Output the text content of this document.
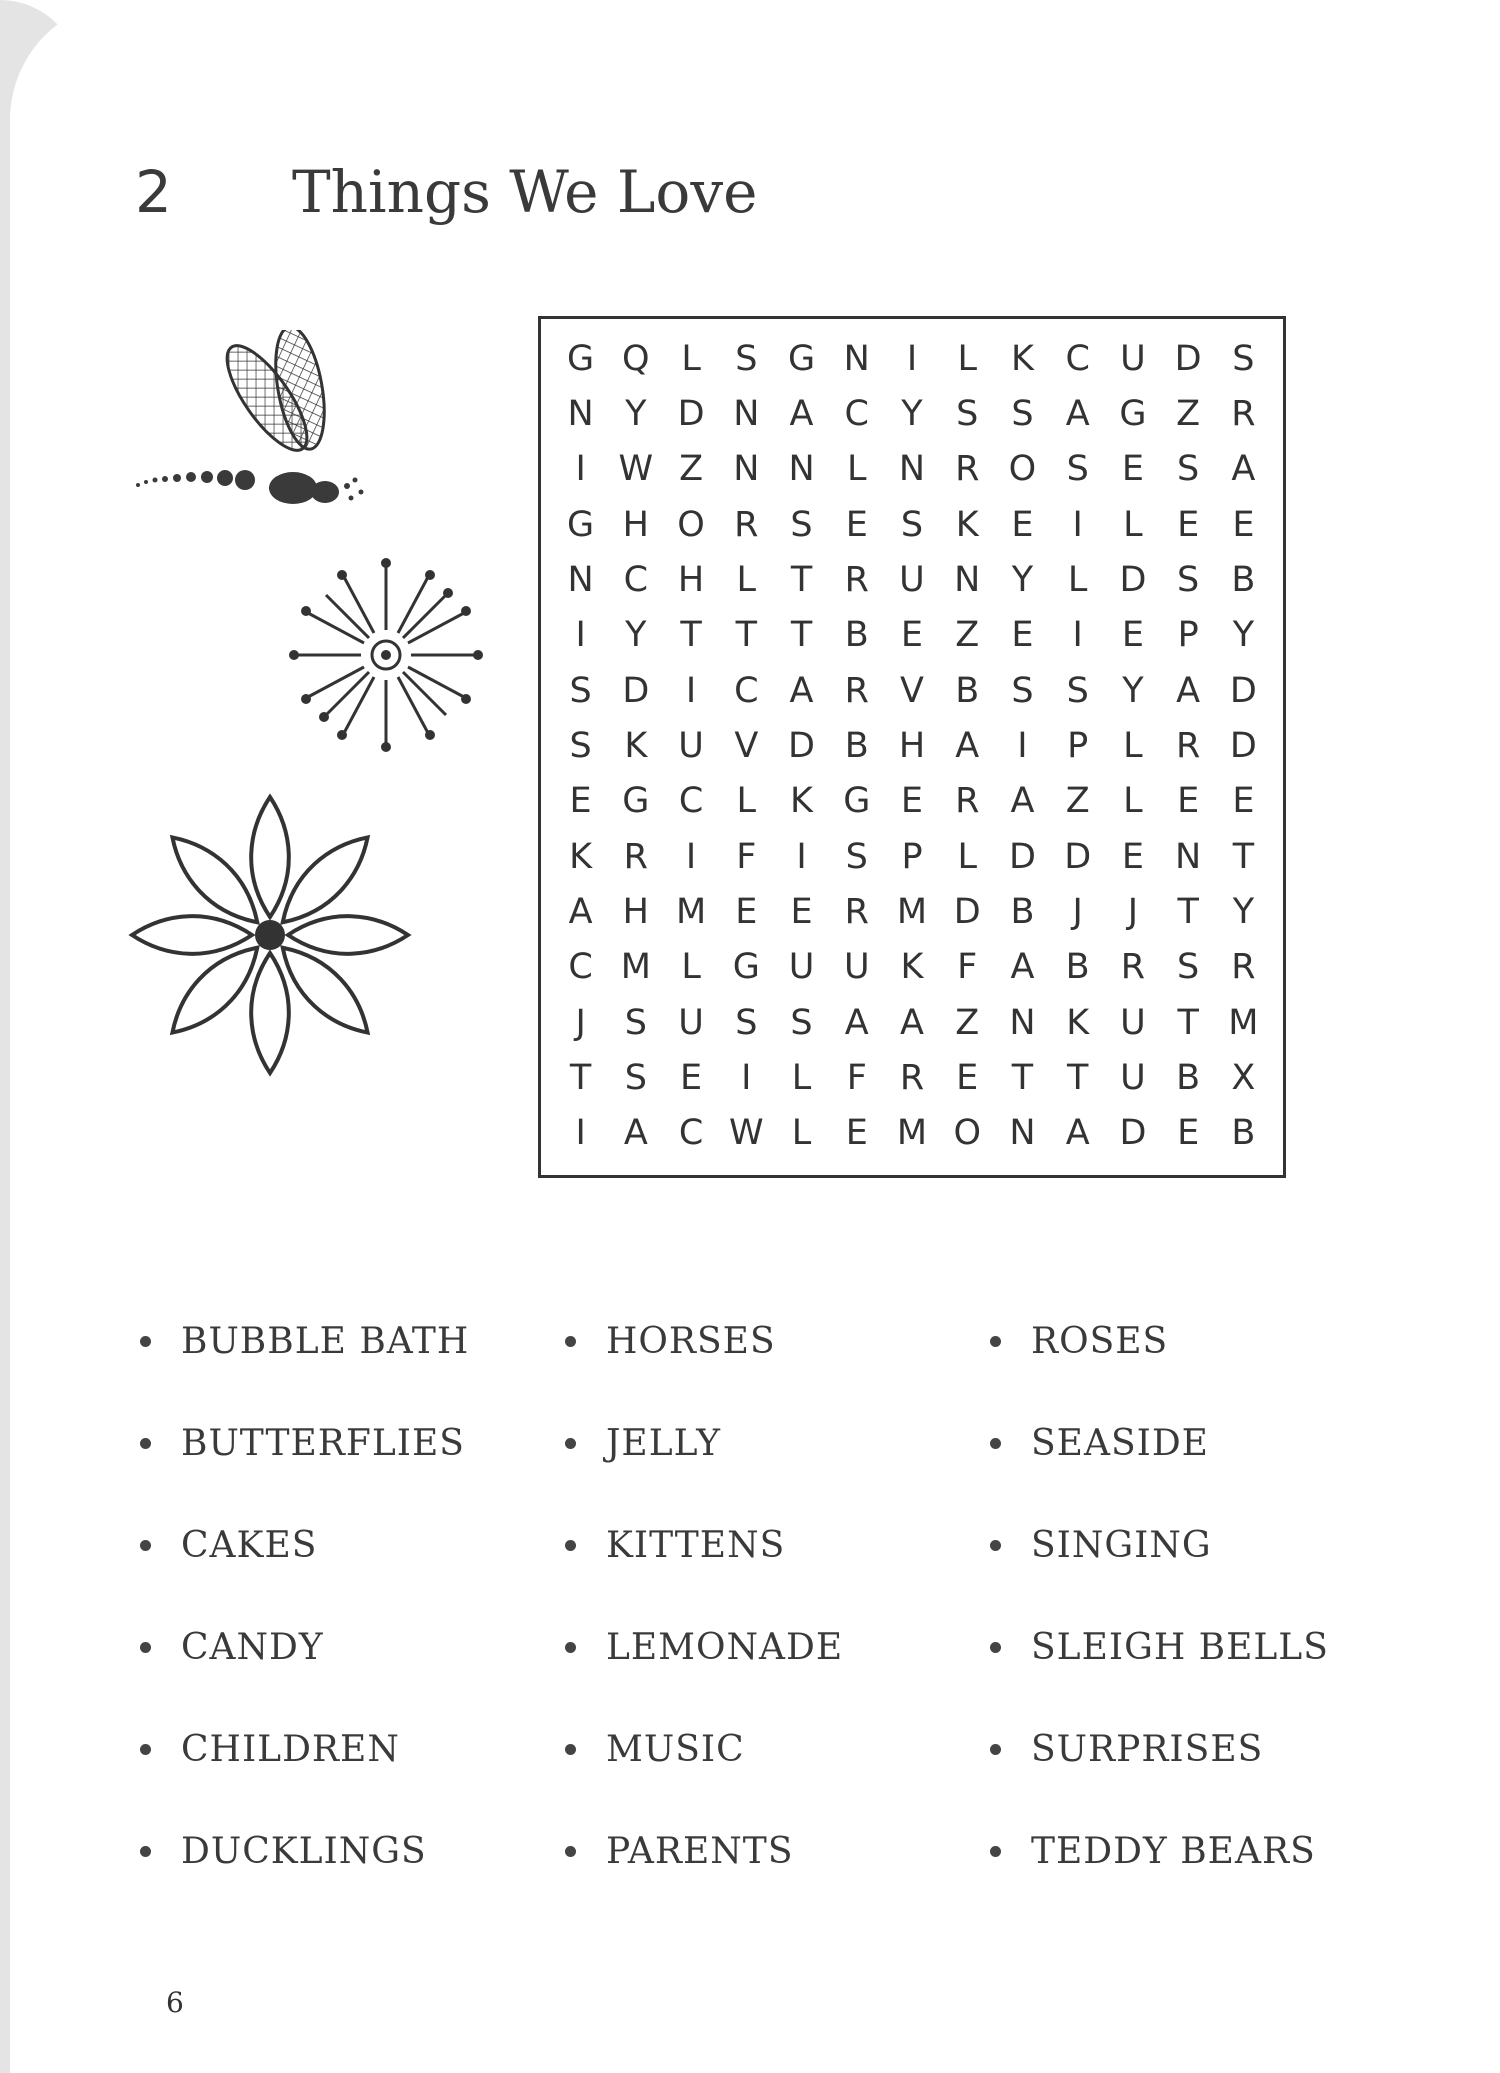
2 Things We Love
G Q L S G N	I	L K C U D S
N Y D N A C Y S S A G Z R
I W Z N N L N R O S E S A
G H O R S E S K E	I	L E E
N C H L T R U N Y L D S B
I	Y T T T B E Z E	I	E P Y
S D	I	C A R V B S S Y A D
S K U V D B H A	I	P L R D
E G C L K G E R A Z L E E
K R	I	F	I	S P L D D E N T
A H M E E R M D B	J	J	T Y
C M L G U U K F A B R S R
J	S U S S A A Z N K U T M
T S E	I	L	F R E T T U B X
I	A C W L E M O N A D E B
BUBBLE BATH
BUTTERFLIES
CAKES
CANDY
CHILDREN
DUCKLINGS
HORSES
JELLY
KITTENS
LEMONADE
MUSIC
PARENTS
ROSES
SEASIDE
SINGING
SLEIGH BELLS
SURPRISES
TEDDY BEARS
6
